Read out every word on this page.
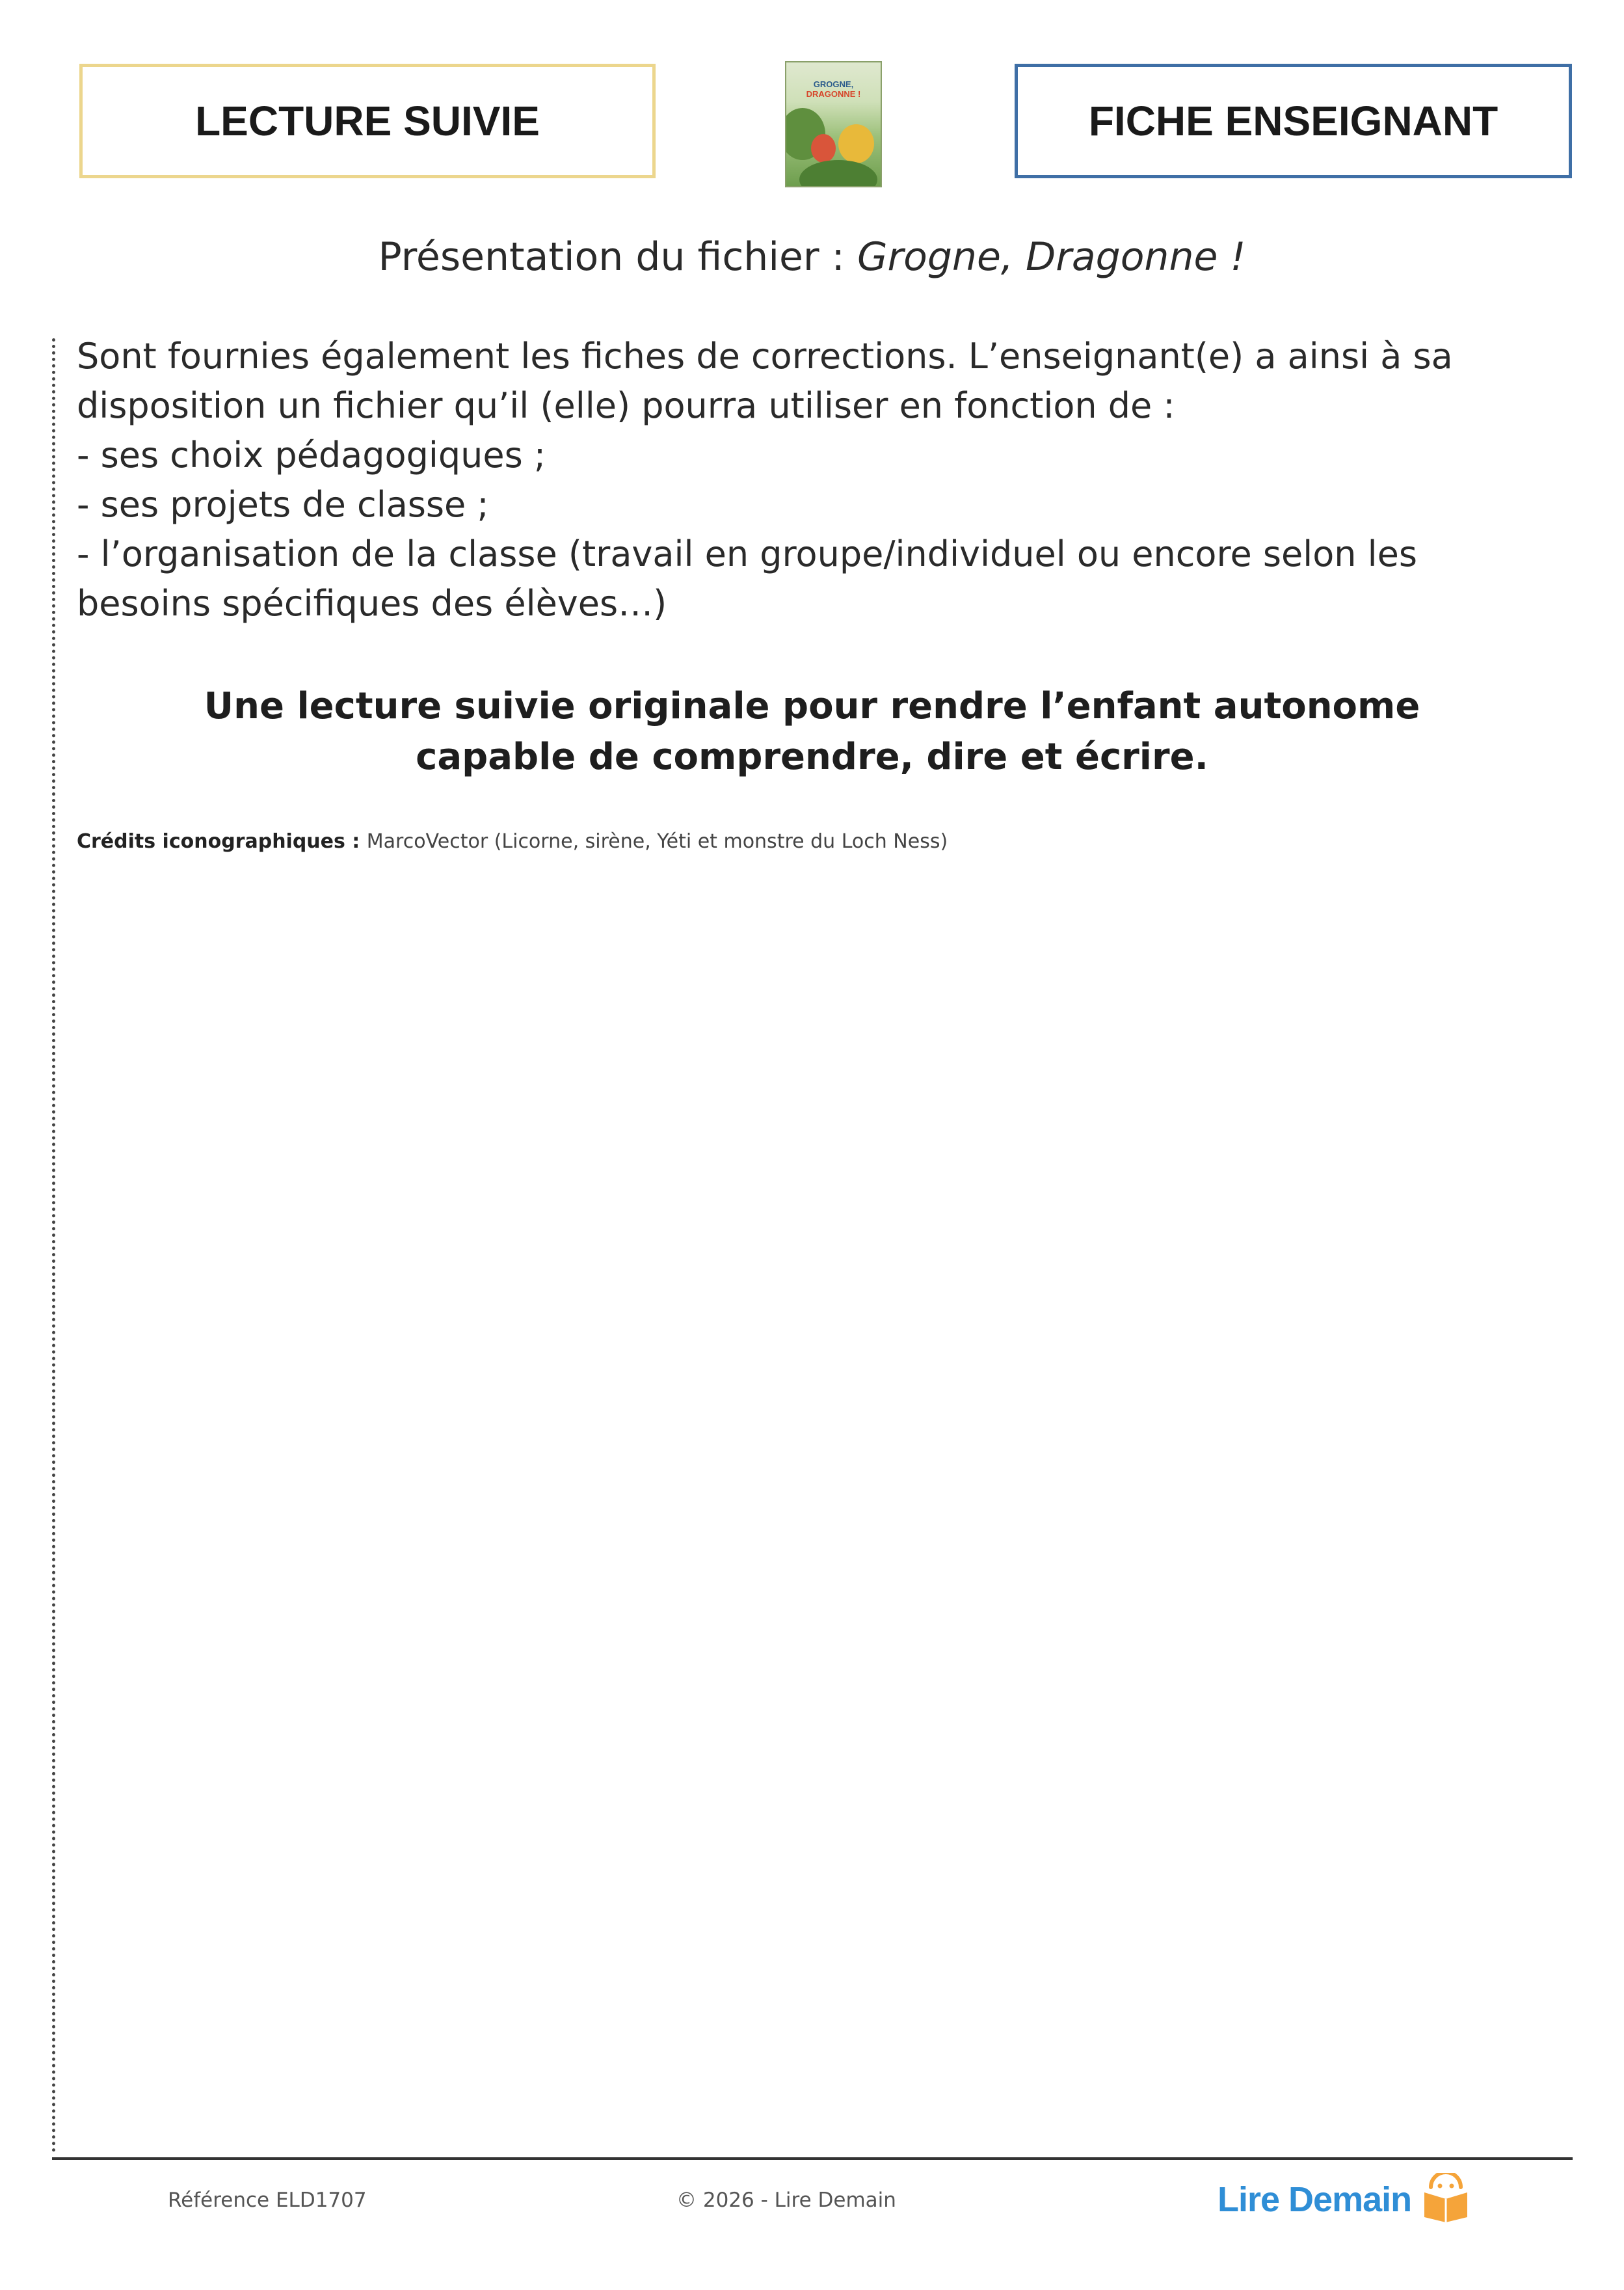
LECTURE SUIVIE
GROGNE,
DRAGONNE !
FICHE ENSEIGNANT
Présentation du fichier : Grogne, Dragonne !
Sont fournies également les fiches de corrections. L’enseignant(e) a ainsi à sa
disposition un fichier qu’il (elle) pourra utiliser en fonction de :
- ses choix pédagogiques ;
- ses projets de classe ;
- l’organisation de la classe (travail en groupe/individuel ou encore selon les
besoins spécifiques des élèves…)
Une lecture suivie originale pour rendre l’enfant autonome
capable de comprendre, dire et écrire.
Crédits iconographiques : MarcoVector (Licorne, sirène, Yéti et monstre du Loch Ness)
Référence ELD1707	© 2026 - Lire Demain	Lire Demain
